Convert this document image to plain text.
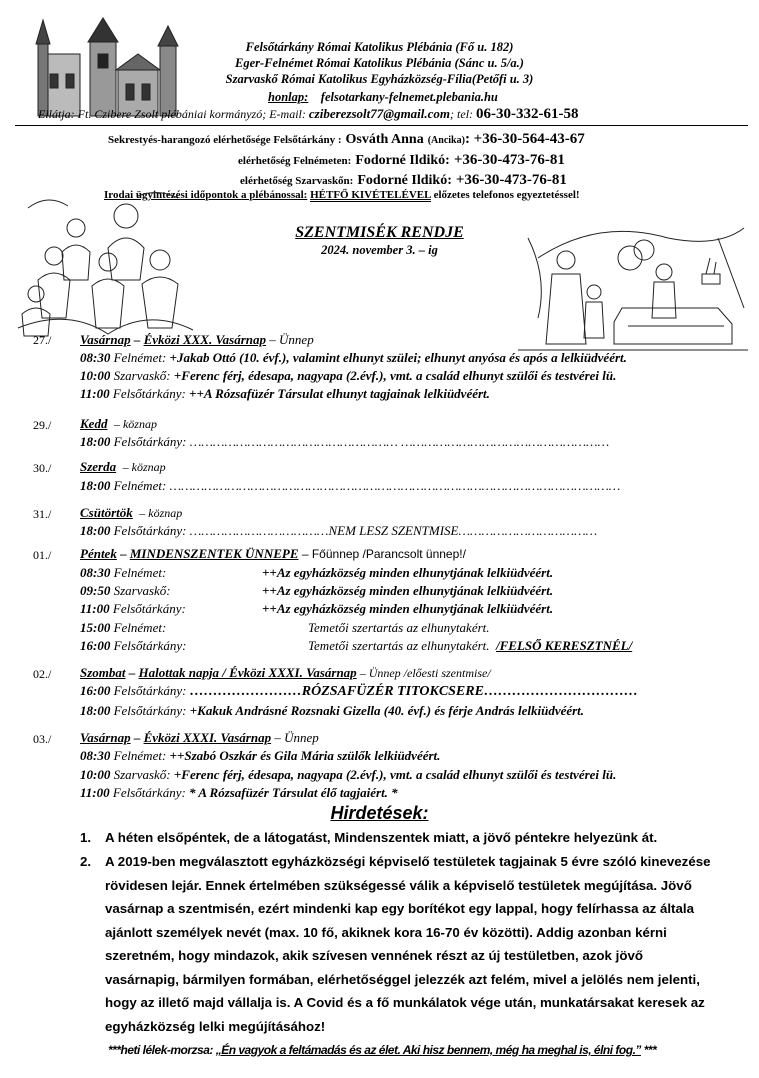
Felsőtárkány Római Katolikus Plébánia (Fő u. 182)
Eger-Felnémet Római Katolikus Plébánia (Sánc u. 5/a.)
Szarvaskő Római Katolikus Egyházközség-Fília(Petőfi u. 3)
honlap: felsotarkany-felnemet.plebania.hu
Ellátja: Ft. Czibere Zsolt plébániai kormányzó; E-mail: cziberezsolt77@gmail.com; tel: 06-30-332-61-58
Sekrestyés-harangozó elérhetősége Felsőtárkány : Osváth Anna (Ancika): +36-30-564-43-67
elérhetőség Felnémeten: Fodorné Ildikó: +36-30-473-76-81
elérhetőség Szarvaskőn: Fodorné Ildikó: +36-30-473-76-81
Irodai ügyintézési időpontok a plébánossal: HÉTFŐ KIVÉTELÉVEL előzetes telefonos egyeztetéssel!
SZENTMISÉK RENDJE
2024. november 3. – ig
27./ Vasárnap – Évközi XXX. Vasárnap – Ünnep
08:30 Felnémet: +Jakab Ottó (10. évf.), valamint elhunyt szülei; elhunyt anyósa és após a lelkiüdvéért.
10:00 Szarvaskő: +Ferenc férj, édesapa, nagyapa (2.évf.), vmt. a család elhunyt szülői és testvérei lü.
11:00 Felsőtárkány: ++A Rózsafüzér Társulat elhunyt tagjainak lelkiüdvéért.
29./ Kedd – köznap
18:00 Felsőtárkány: ……………………………………………… ………………………………………………
30./ Szerda – köznap
18:00 Felnémet: ………………………………………………………………………………………………………
31./ Csütörtök – köznap
18:00 Felsőtárkány: ………………………………NEM LESZ SZENTMISE………………………………
01./ Péntek – MINDENSZENTEK ÜNNEPE – Főünnep /Parancsolt ünnep!/
08:30 Felnémet:	++Az egyházközség minden elhunytjának lelkiüdvéért.
09:50 Szarvaskő:	++Az egyházközség minden elhunytjának lelkiüdvéért.
11:00 Felsőtárkány:	++Az egyházközség minden elhunytjának lelkiüdvéért.
15:00 Felnémet:	Temetői szertartás az elhunytakért.
16:00 Felsőtárkány:	Temetői szertartás az elhunytakért. /FELSŐ KERESZTNÉL/
02./ Szombat – Halottak napja / Évközi XXXI. Vasárnap – Ünnep /előesti szentmise/
16:00 Felsőtárkány: ……………………RÓZSAFÜZÉR TITOKCSERE……………………………
18:00 Felsőtárkány: +Kakuk Andrásné Rozsnaki Gizella (40. évf.) és férje András lelkiüdvéért.
03./ Vasárnap – Évközi XXXI. Vasárnap – Ünnep
08:30 Felnémet: ++Szabó Oszkár és Gila Mária szülők lelkiüdvéért.
10:00 Szarvaskő: +Ferenc férj, édesapa, nagyapa (2.évf.), vmt. a család elhunyt szülői és testvérei lü.
11:00 Felsőtárkány: * A Rózsafüzér Társulat élő tagjaiért. *
Hirdetések:
1. A héten elsőpéntek, de a látogatást, Mindenszentek miatt, a jövő péntekre helyezünk át.
2. A 2019-ben megválasztott egyházközségi képviselő testületek tagjainak 5 évre szóló kinevezése rövidesen lejár. Ennek értelmében szükségessé válik a képviselő testületek megújítása. Jövő vasárnap a szentmisén, ezért mindenki kap egy borítékot egy lappal, hogy felírhassa az általa ajánlott személyek nevét (max. 10 fő, akiknek kora 16-70 év közötti). Addig azonban kérni szeretném, hogy mindazok, akik szívesen vennének részt az új testületben, azok jövő vasárnapig, bármilyen formában, elérhetőséggel jelezzék azt felém, mivel a jelölés nem jelenti, hogy az illető majd vállalja is. A Covid és a fő munkálatok vége után, munkatársakat keresek az egyházközség lelki megújításához!
***heti lélek-morzsa: „Én vagyok a feltámadás és az élet. Aki hisz bennem, még ha meghal is, élni fog.” ***
